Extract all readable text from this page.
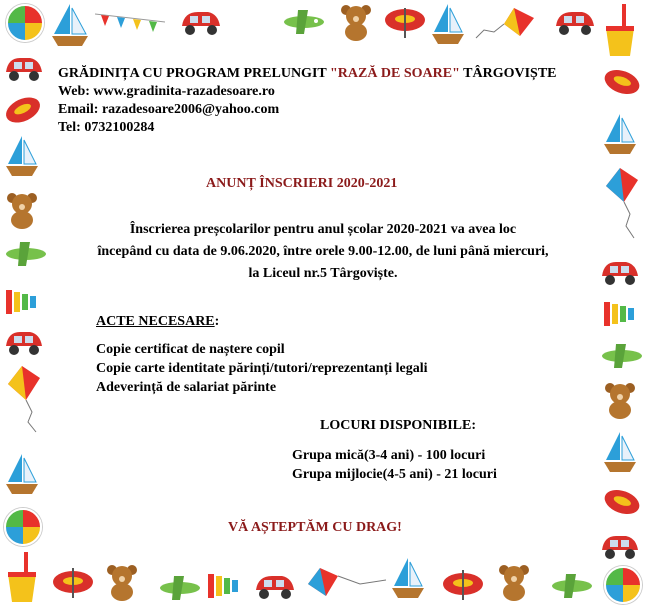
GRĂDINIȚA CU PROGRAM PRELUNGIT "RAZĂ DE SOARE" TÂRGOVIȘTE
Web: www.gradinita-razadesoare.ro
Email: razadesoare2006@yahoo.com
Tel: 0732100284
ANUNȚ ÎNSCRIERI 2020-2021
Înscrierea preșcolarilor pentru anul școlar 2020-2021 va avea loc
începând cu data de 9.06.2020, între orele 9.00-12.00, de luni până miercuri,
la Liceul nr.5 Târgoviște.
ACTE NECESARE:
Copie certificat de naștere copil
Copie carte identitate părinți/tutori/reprezentanți legali
Adeverință de salariat părinte
LOCURI DISPONIBILE:
Grupa mică(3-4 ani) - 100 locuri
Grupa mijlocie(4-5 ani) - 21 locuri
VĂ AȘTEPTĂM CU DRAG!
